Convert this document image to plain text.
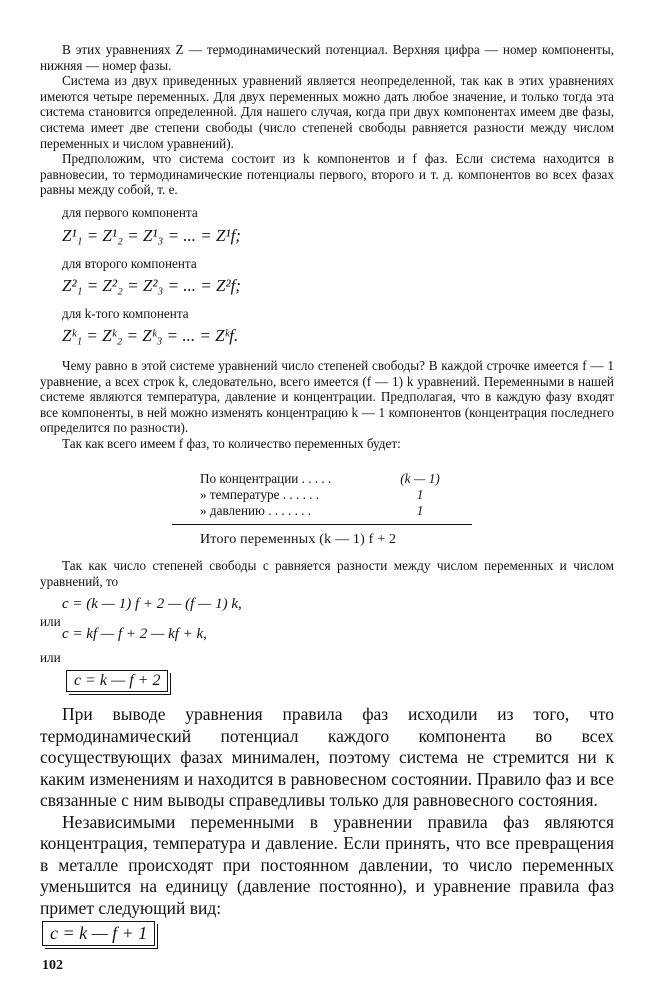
В этих уравнениях Z — термодинамический потенциал. Верхняя цифра — номер компоненты, нижняя — номер фазы.

Система из двух приведенных уравнений является неопределенной, так как в этих уравнениях имеются четыре переменных. Для двух переменных можно дать любое значение, и только тогда эта система становится определенной. Для нашего случая, когда при двух компонентах имеем две фазы, система имеет две степени свободы (число степеней свободы равняется разности между числом переменных и числом уравнений).

Предположим, что система состоит из k компонентов и f фаз. Если система находится в равновесии, то термодинамические потенциалы первого, второго и т. д. компонентов во всех фазах равны между собой, т. е.

для первого компонента
Z¹₁ = Z¹₂ = Z¹₃ = ... = Z¹f;
для второго компонента
Z²₁ = Z²₂ = Z²₃ = ... = Z²f;
для k-того компонента
Zᵏ₁ = Zᵏ₂ = Zᵏ₃ = ... = Zᵏf.

Чему равно в этой системе уравнений число степеней свободы? В каждой строчке имеется f — 1 уравнение, а всех строк k, следовательно, всего имеется (f — 1) k уравнений. Переменными в нашей системе являются температура, давление и концентрации. Предполагая, что в каждую фазу входят все компоненты, в ней можно изменять концентрацию k — 1 компонентов (концентрация последнего определится по разности).

Так как всего имеем f фаз, то количество переменных будет:

По концентрации . . . . .	(k — 1)
» температуре . . . . . .	1
» давлению . . . . . . .	1
Итого переменных (k — 1) f + 2

Так как число степеней свободы с равняется разности между числом переменных и числом уравнений, то

c = (k — 1) f + 2 — (f — 1) k,
или
c = kf — f + 2 — kf + k,
или
c = k — f + 2

При выводе уравнения правила фаз исходили из того, что термодинамический потенциал каждого компонента во всех сосуществующих фазах минимален, поэтому система не стремится ни к каким изменениям и находится в равновесном состоянии. Правило фаз и все связанные с ним выводы справедливы только для равновесного состояния.

Независимыми переменными в уравнении правила фаз являются концентрация, температура и давление. Если принять, что все превращения в металле происходят при постоянном давлении, то число переменных уменьшится на единицу (давление постоянно), и уравнение правила фаз примет следующий вид:

c = k — f + 1
102
